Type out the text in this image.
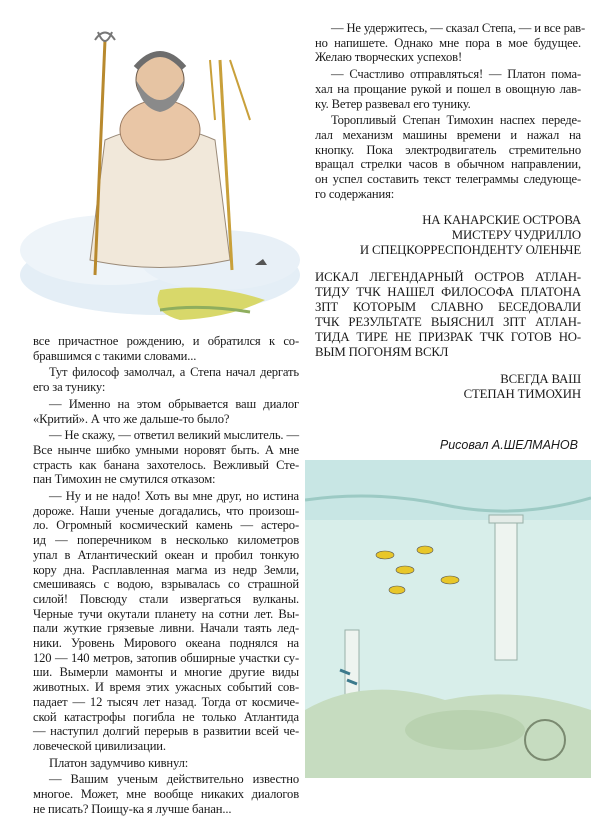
все причастное рождению, и обратился к со-
бравшимся с такими словами...
Тут философ замолчал, а Степа начал дергать
его за тунику:
— Именно на этом обрывается ваш диалог
«Критий». А что же дальше-то было?
— Не скажу, — ответил великий мыслитель. —
Все нынче шибко умными норовят быть. А мне
страсть как банана захотелось. Вежливый Сте-
пан Тимохин не смутился отказом:
— Ну и не надо! Хоть вы мне друг, но истина
дороже. Наши ученые догадались, что произош-
ло. Огромный космический камень — астеро-
ид — поперечником в несколько километров
упал в Атлантический океан и пробил тонкую
кору дна. Расплавленная магма из недр Земли,
смешиваясь с водою, взрывалась со страшной
силой! Повсюду стали извергаться вулканы.
Черные тучи окутали планету на сотни лет. Вы-
пали жуткие грязевые ливни. Начали таять лед-
ники. Уровень Мирового океана поднялся на
120 — 140 метров, затопив обширные участки су-
ши. Вымерли мамонты и многие другие виды
животных. И время этих ужасных событий сов-
падает — 12 тысяч лет назад. Тогда от космиче-
ской катастрофы погибла не только Атлантида
— наступил долгий перерыв в развитии всей че-
ловеческой цивилизации.
Платон задумчиво кивнул:
— Вашим ученым действительно известно
многое. Может, мне вообще никаких диалогов
не писать? Поищу-ка я лучше банан...
— Не удержитесь, — сказал Степа, — и все рав-
но напишете. Однако мне пора в мое будущее.
Желаю творческих успехов!
— Счастливо отправляться! — Платон пома-
хал на прощание рукой и пошел в овощную лав-
ку. Ветер развевал его тунику.
Торопливый Степан Тимохин наспех переде-
лал механизм машины времени и нажал на
кнопку. Пока электродвигатель стремительно
вращал стрелки часов в обычном направлении,
он успел составить текст телеграммы следующе-
го содержания:
НА КАНАРСКИЕ ОСТРОВА
МИСТЕРУ ЧУДРИЛЛО
И СПЕЦКОРРЕСПОНДЕНТУ ОЛЕНЬЧЕ
ИСКАЛ ЛЕГЕНДАРНЫЙ ОСТРОВ АТЛАН-
ТИДУ ТЧК НАШЕЛ ФИЛОСОФА ПЛАТОНА
ЗПТ КОТОРЫМ СЛАВНО БЕСЕДОВАЛИ
ТЧК РЕЗУЛЬТАТЕ ВЫЯСНИЛ ЗПТ АТЛАН-
ТИДА ТИРЕ НЕ ПРИЗРАК ТЧК ГОТОВ НО-
ВЫМ ПОГОНЯМ ВСКЛ
ВСЕГДА ВАШ
СТЕПАН ТИМОХИН
Рисовал А.ШЕЛМАНОВ
